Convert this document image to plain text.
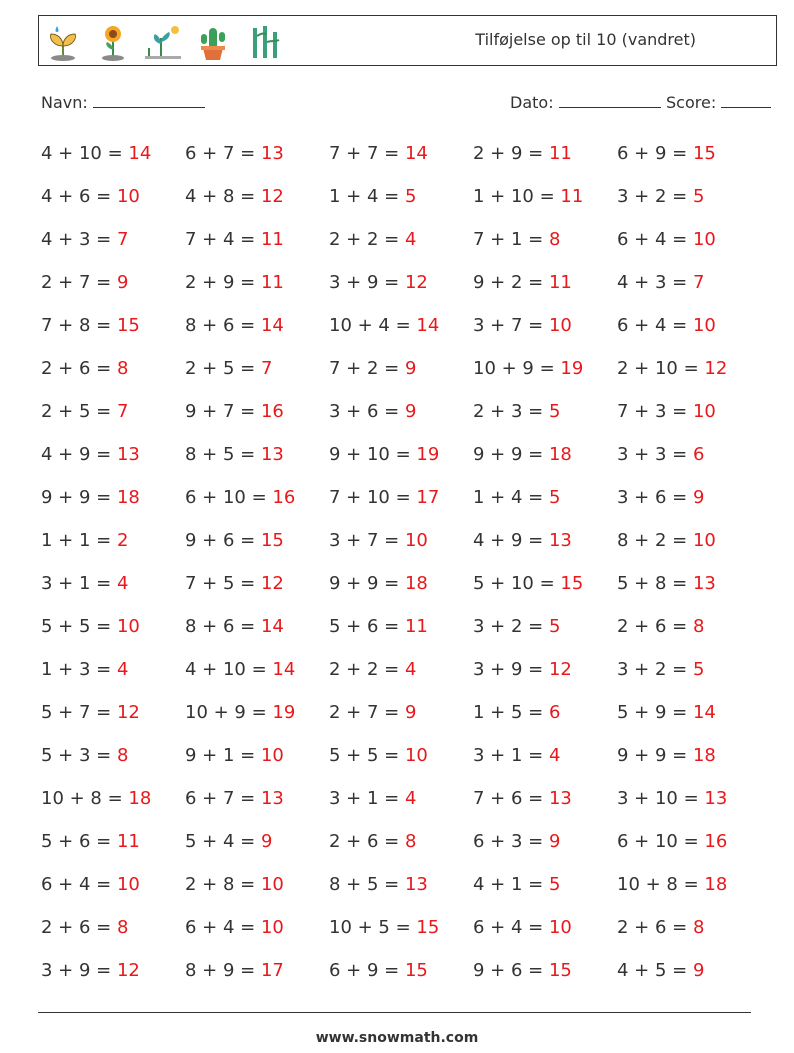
Tilføjelse op til 10 (vandret)
Navn:	Dato:	Score:
4 + 10 = 14 6 + 7 = 13	7 + 7 = 14	2 + 9 = 11	6 + 9 = 15
4 + 6 = 10	4 + 8 = 12	1 + 4 = 5	1 + 10 = 11 3 + 2 = 5
4 + 3 = 7	7 + 4 = 11	2 + 2 = 4	7 + 1 = 8	6 + 4 = 10
2 + 7 = 9	2 + 9 = 11	3 + 9 = 12	9 + 2 = 11	4 + 3 = 7
7 + 8 = 15	8 + 6 = 14	10 + 4 = 14 3 + 7 = 10	6 + 4 = 10
2 + 6 = 8	2 + 5 = 7	7 + 2 = 9	10 + 9 = 19 2 + 10 = 12
2 + 5 = 7	9 + 7 = 16	3 + 6 = 9	2 + 3 = 5	7 + 3 = 10
4 + 9 = 13	8 + 5 = 13	9 + 10 = 19 9 + 9 = 18	3 + 3 = 6
9 + 9 = 18	6 + 10 = 16 7 + 10 = 17 1 + 4 = 5	3 + 6 = 9
1 + 1 = 2	9 + 6 = 15	3 + 7 = 10	4 + 9 = 13	8 + 2 = 10
3 + 1 = 4	7 + 5 = 12	9 + 9 = 18	5 + 10 = 15 5 + 8 = 13
5 + 5 = 10	8 + 6 = 14	5 + 6 = 11	3 + 2 = 5	2 + 6 = 8
1 + 3 = 4	4 + 10 = 14 2 + 2 = 4	3 + 9 = 12	3 + 2 = 5
5 + 7 = 12	10 + 9 = 19 2 + 7 = 9	1 + 5 = 6	5 + 9 = 14
5 + 3 = 8	9 + 1 = 10	5 + 5 = 10	3 + 1 = 4	9 + 9 = 18
10 + 8 = 18 6 + 7 = 13	3 + 1 = 4	7 + 6 = 13	3 + 10 = 13
5 + 6 = 11	5 + 4 = 9	2 + 6 = 8	6 + 3 = 9	6 + 10 = 16
6 + 4 = 10	2 + 8 = 10	8 + 5 = 13	4 + 1 = 5	10 + 8 = 18
2 + 6 = 8	6 + 4 = 10	10 + 5 = 15 6 + 4 = 10	2 + 6 = 8
3 + 9 = 12	8 + 9 = 17	6 + 9 = 15	9 + 6 = 15	4 + 5 = 9
www.snowmath.com
